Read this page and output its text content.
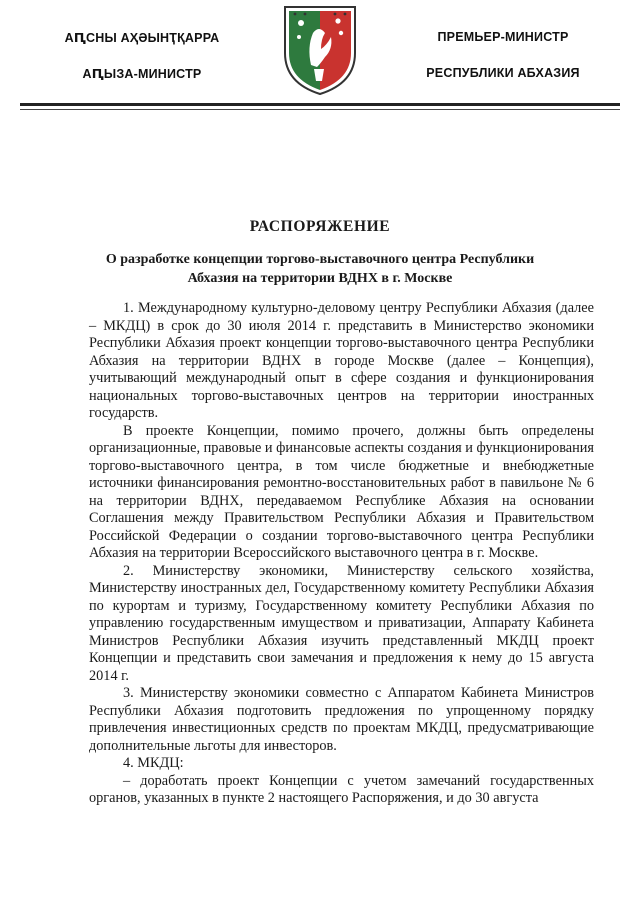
АԤСНЫ АҲӘЫНҬҚАРРА
АԤЫЗА-МИНИСТР
ПРЕМЬЕР-МИНИСТР
РЕСПУБЛИКИ АБХАЗИЯ
РАСПОРЯЖЕНИЕ
О разработке концепции торгово-выставочного центра Республики Абхазия на территории ВДНХ в г. Москве

1. Международному культурно-деловому центру Республики Абхазия (далее – МКДЦ) в срок до 30 июля 2014 г. представить в Министерство экономики Республики Абхазия проект концепции торгово-выставочного центра Республики Абхазия на территории ВДНХ в городе Москве (далее – Концепция), учитывающий международный опыт в сфере создания и функционирования национальных торгово-выставочных центров на территории иностранных государств.

В проекте Концепции, помимо прочего, должны быть определены организационные, правовые и финансовые аспекты создания и функционирования торгово-выставочного центра, в том числе бюджетные и внебюджетные источники финансирования ремонтно-восстановительных работ в павильоне № 6 на территории ВДНХ, передаваемом Республике Абхазия на основании Соглашения между Правительством Республики Абхазия и Правительством Российской Федерации о создании торгово-выставочного центра Республики Абхазия на территории Всероссийского выставочного центра в г. Москве.

2. Министерству экономики, Министерству сельского хозяйства, Министерству иностранных дел, Государственному комитету Республики Абхазия по курортам и туризму, Государственному комитету Республики Абхазия по управлению государственным имуществом и приватизации, Аппарату Кабинета Министров Республики Абхазия изучить представленный МКДЦ проект Концепции и представить свои замечания и предложения к нему до 15 августа 2014 г.

3. Министерству экономики совместно с Аппаратом Кабинета Министров Республики Абхазия подготовить предложения по упрощенному порядку привлечения инвестиционных средств по проектам МКДЦ, предусматривающие дополнительные льготы для инвесторов.

4. МКДЦ:

– доработать проект Концепции с учетом замечаний государственных органов, указанных в пункте 2 настоящего Распоряжения, и до 30 августа
